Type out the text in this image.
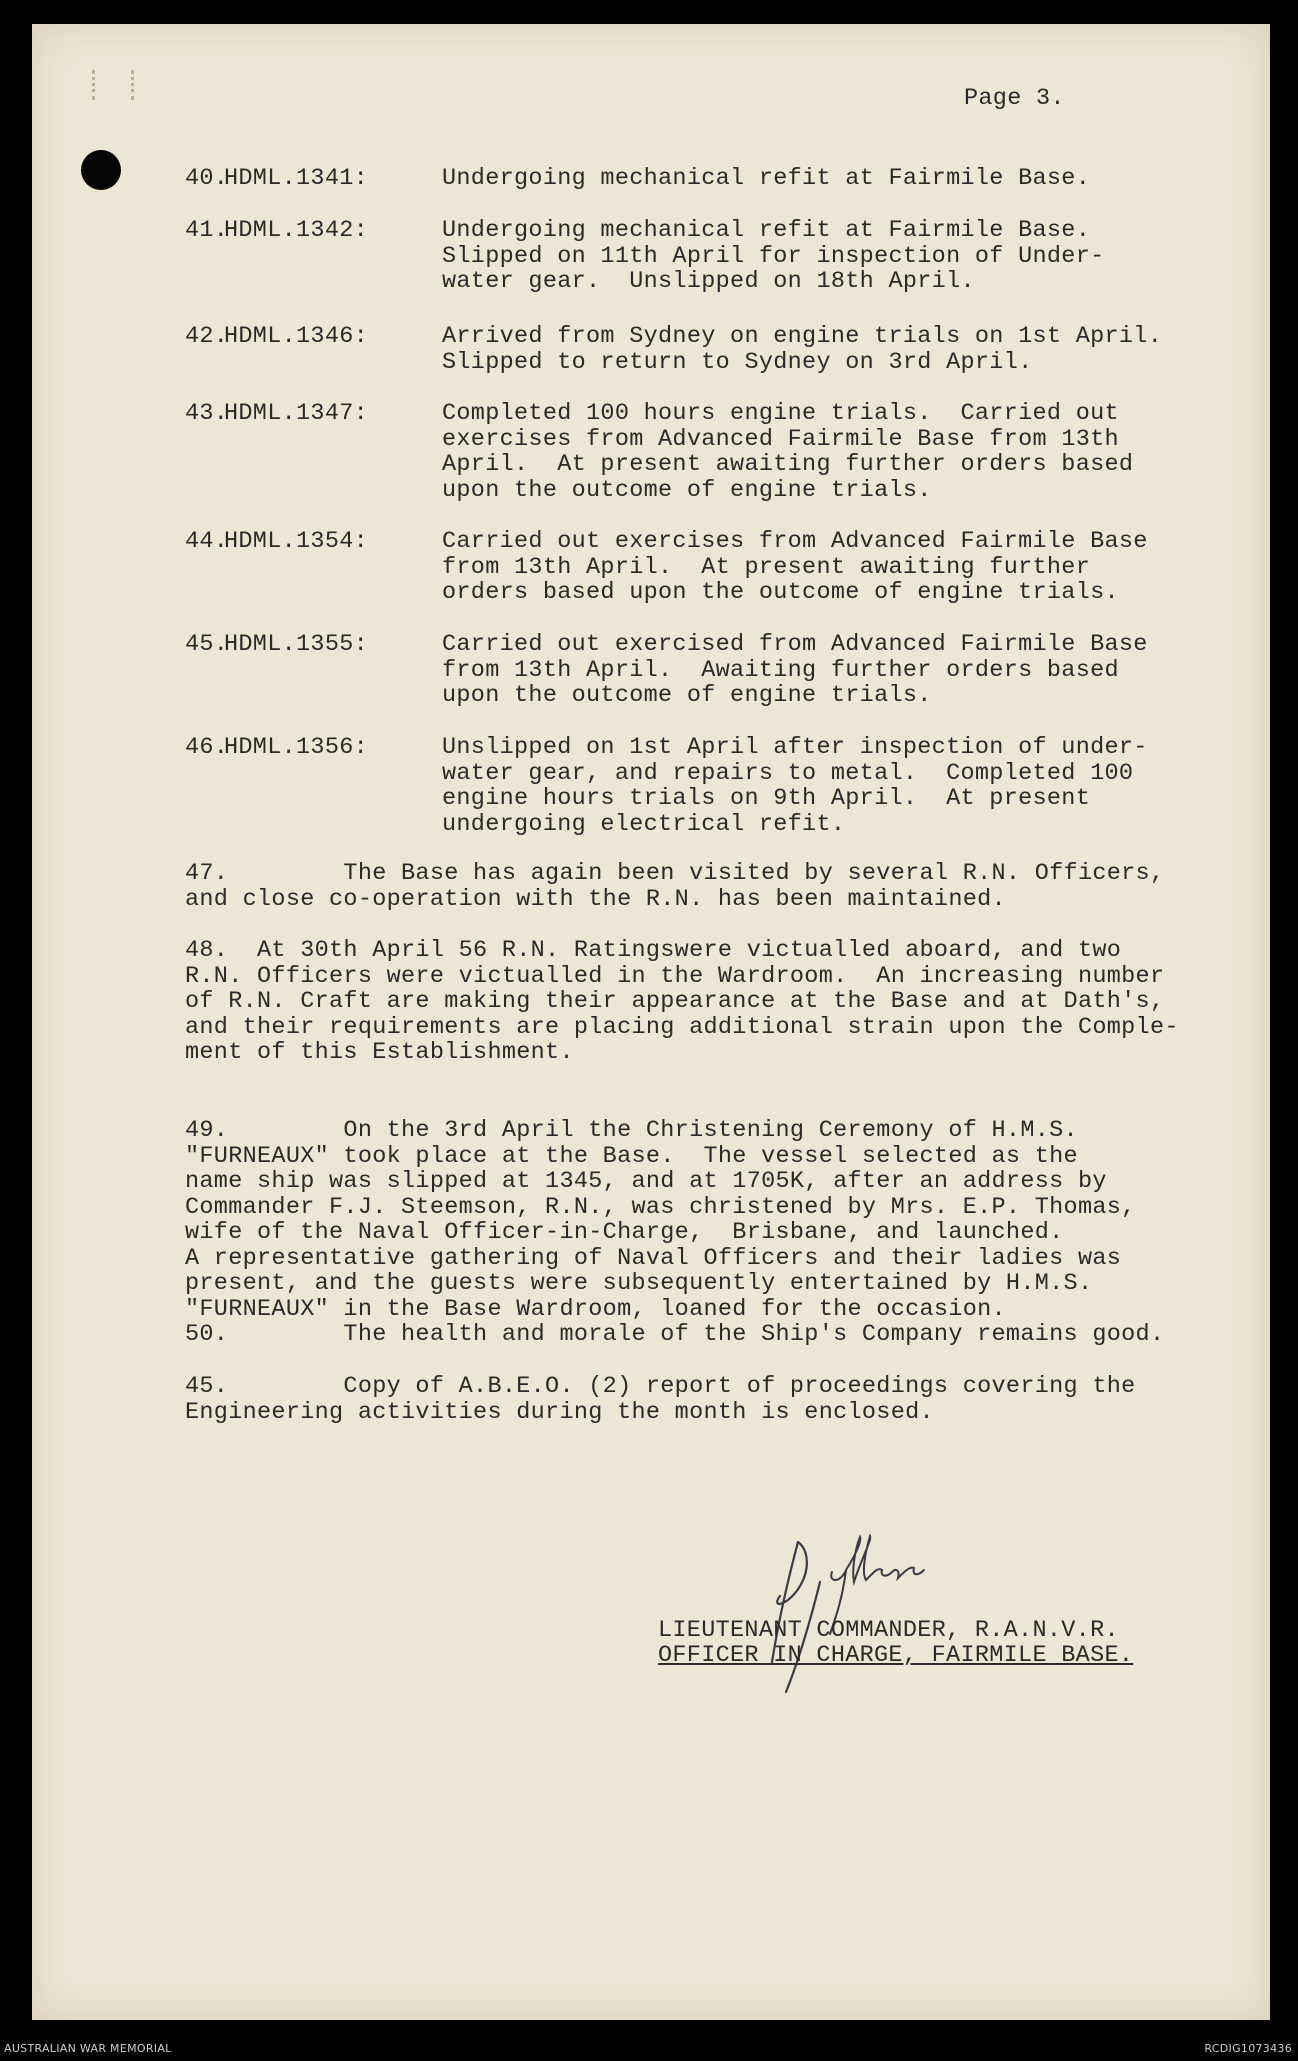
Page 3.
40.
HDML.1341:	Undergoing mechanical refit at Fairmile Base.
41.
HDML.1342:	Undergoing mechanical refit at Fairmile Base.
Slipped on 11th April for inspection of Under-
water gear.  Unslipped on 18th April.
42.
HDML.1346:	Arrived from Sydney on engine trials on 1st April.
Slipped to return to Sydney on 3rd April.
43.
HDML.1347:	Completed 100 hours engine trials.  Carried out
exercises from Advanced Fairmile Base from 13th
April.  At present awaiting further orders based
upon the outcome of engine trials.
44.
HDML.1354:	Carried out exercises from Advanced Fairmile Base
from 13th April.  At present awaiting further
orders based upon the outcome of engine trials.
45.
HDML.1355:	Carried out exercised from Advanced Fairmile Base
from 13th April.  Awaiting further orders based
upon the outcome of engine trials.
46.
HDML.1356:	Unslipped on 1st April after inspection of under-
water gear, and repairs to metal.  Completed 100
engine hours trials on 9th April.  At present
undergoing electrical refit.
47.        The Base has again been visited by several R.N. Officers,
and close co-operation with the R.N. has been maintained.
48.  At 30th April 56 R.N. Ratingswere victualled aboard, and two
R.N. Officers were victualled in the Wardroom.  An increasing number
of R.N. Craft are making their appearance at the Base and at Dath's,
and their requirements are placing additional strain upon the Comple-
ment of this Establishment.
49.        On the 3rd April the Christening Ceremony of H.M.S.
"FURNEAUX" took place at the Base.  The vessel selected as the
name ship was slipped at 1345, and at 1705K, after an address by
Commander F.J. Steemson, R.N., was christened by Mrs. E.P. Thomas,
wife of the Naval Officer-in-Charge,  Brisbane, and launched.
A representative gathering of Naval Officers and their ladies was
present, and the guests were subsequently entertained by H.M.S.
"FURNEAUX" in the Base Wardroom, loaned for the occasion.
50.        The health and morale of the Ship's Company remains good.
45.        Copy of A.B.E.O. (2) report of proceedings covering the
Engineering activities during the month is enclosed.
LIEUTENANT COMMANDER, R.A.N.V.R.
OFFICER IN CHARGE, FAIRMILE BASE.
AUSTRALIAN WAR MEMORIAL	RCDIG1073436
